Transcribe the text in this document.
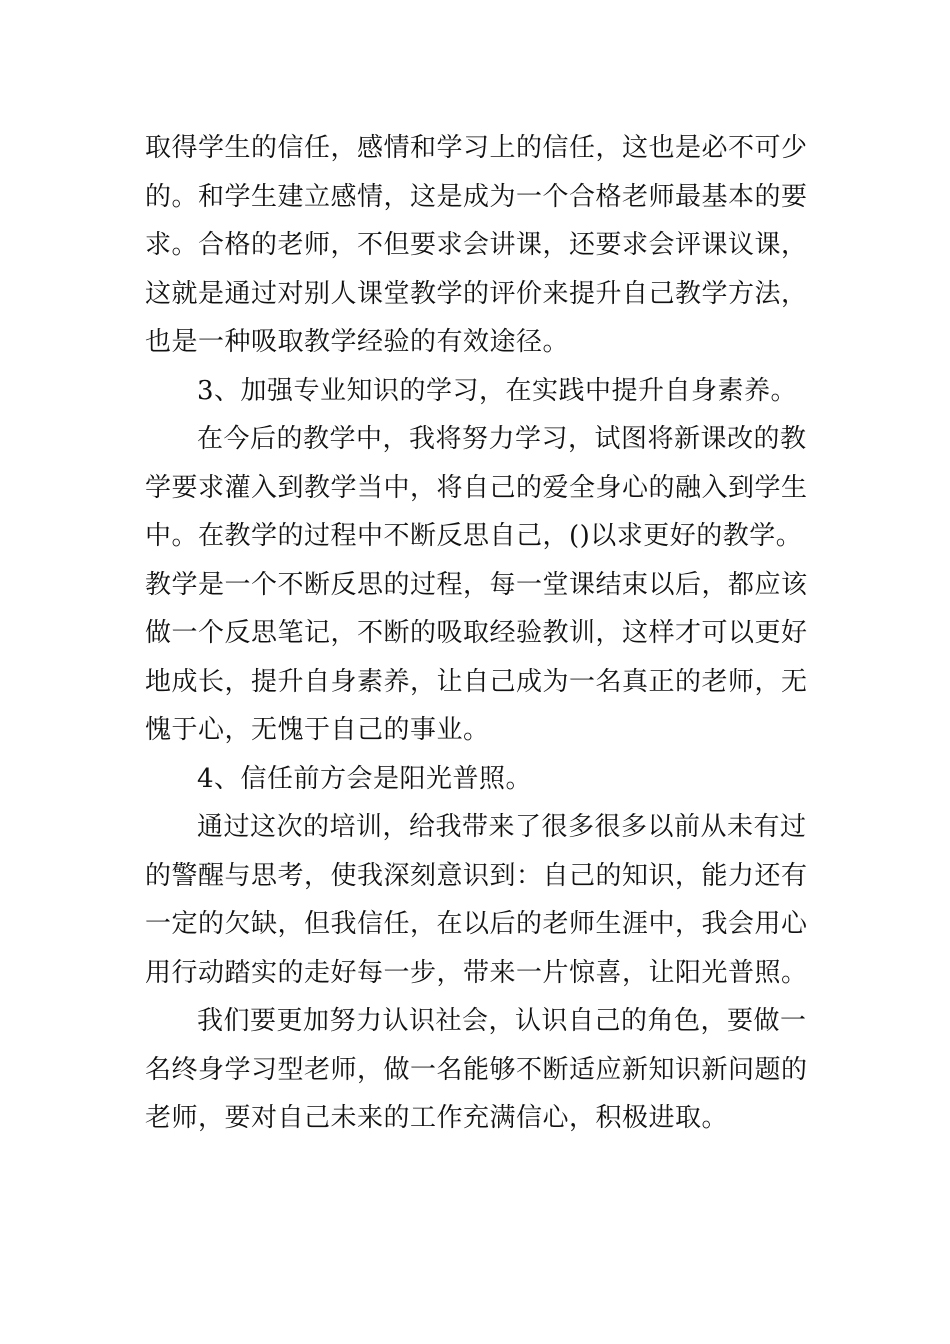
取得学生的信任，感情和学习上的信任，这也是必不可少
的。和学生建立感情，这是成为一个合格老师最基本的要
求。合格的老师，不但要求会讲课，还要求会评课议课，
这就是通过对别人课堂教学的评价来提升自己教学方法，
也是一种吸取教学经验的有效途径。
3、加强专业知识的学习，在实践中提升自身素养。
在今后的教学中，我将努力学习，试图将新课改的教
学要求灌入到教学当中，将自己的爱全身心的融入到学生
中。在教学的过程中不断反思自己，()以求更好的教学。
教学是一个不断反思的过程，每一堂课结束以后，都应该
做一个反思笔记，不断的吸取经验教训，这样才可以更好
地成长，提升自身素养，让自己成为一名真正的老师，无
愧于心，无愧于自己的事业。
4、信任前方会是阳光普照。
通过这次的培训，给我带来了很多很多以前从未有过
的警醒与思考，使我深刻意识到：自己的知识，能力还有
一定的欠缺，但我信任，在以后的老师生涯中，我会用心
用行动踏实的走好每一步，带来一片惊喜，让阳光普照。
我们要更加努力认识社会，认识自己的角色，要做一
名终身学习型老师，做一名能够不断适应新知识新问题的
老师，要对自己未来的工作充满信心，积极进取。
